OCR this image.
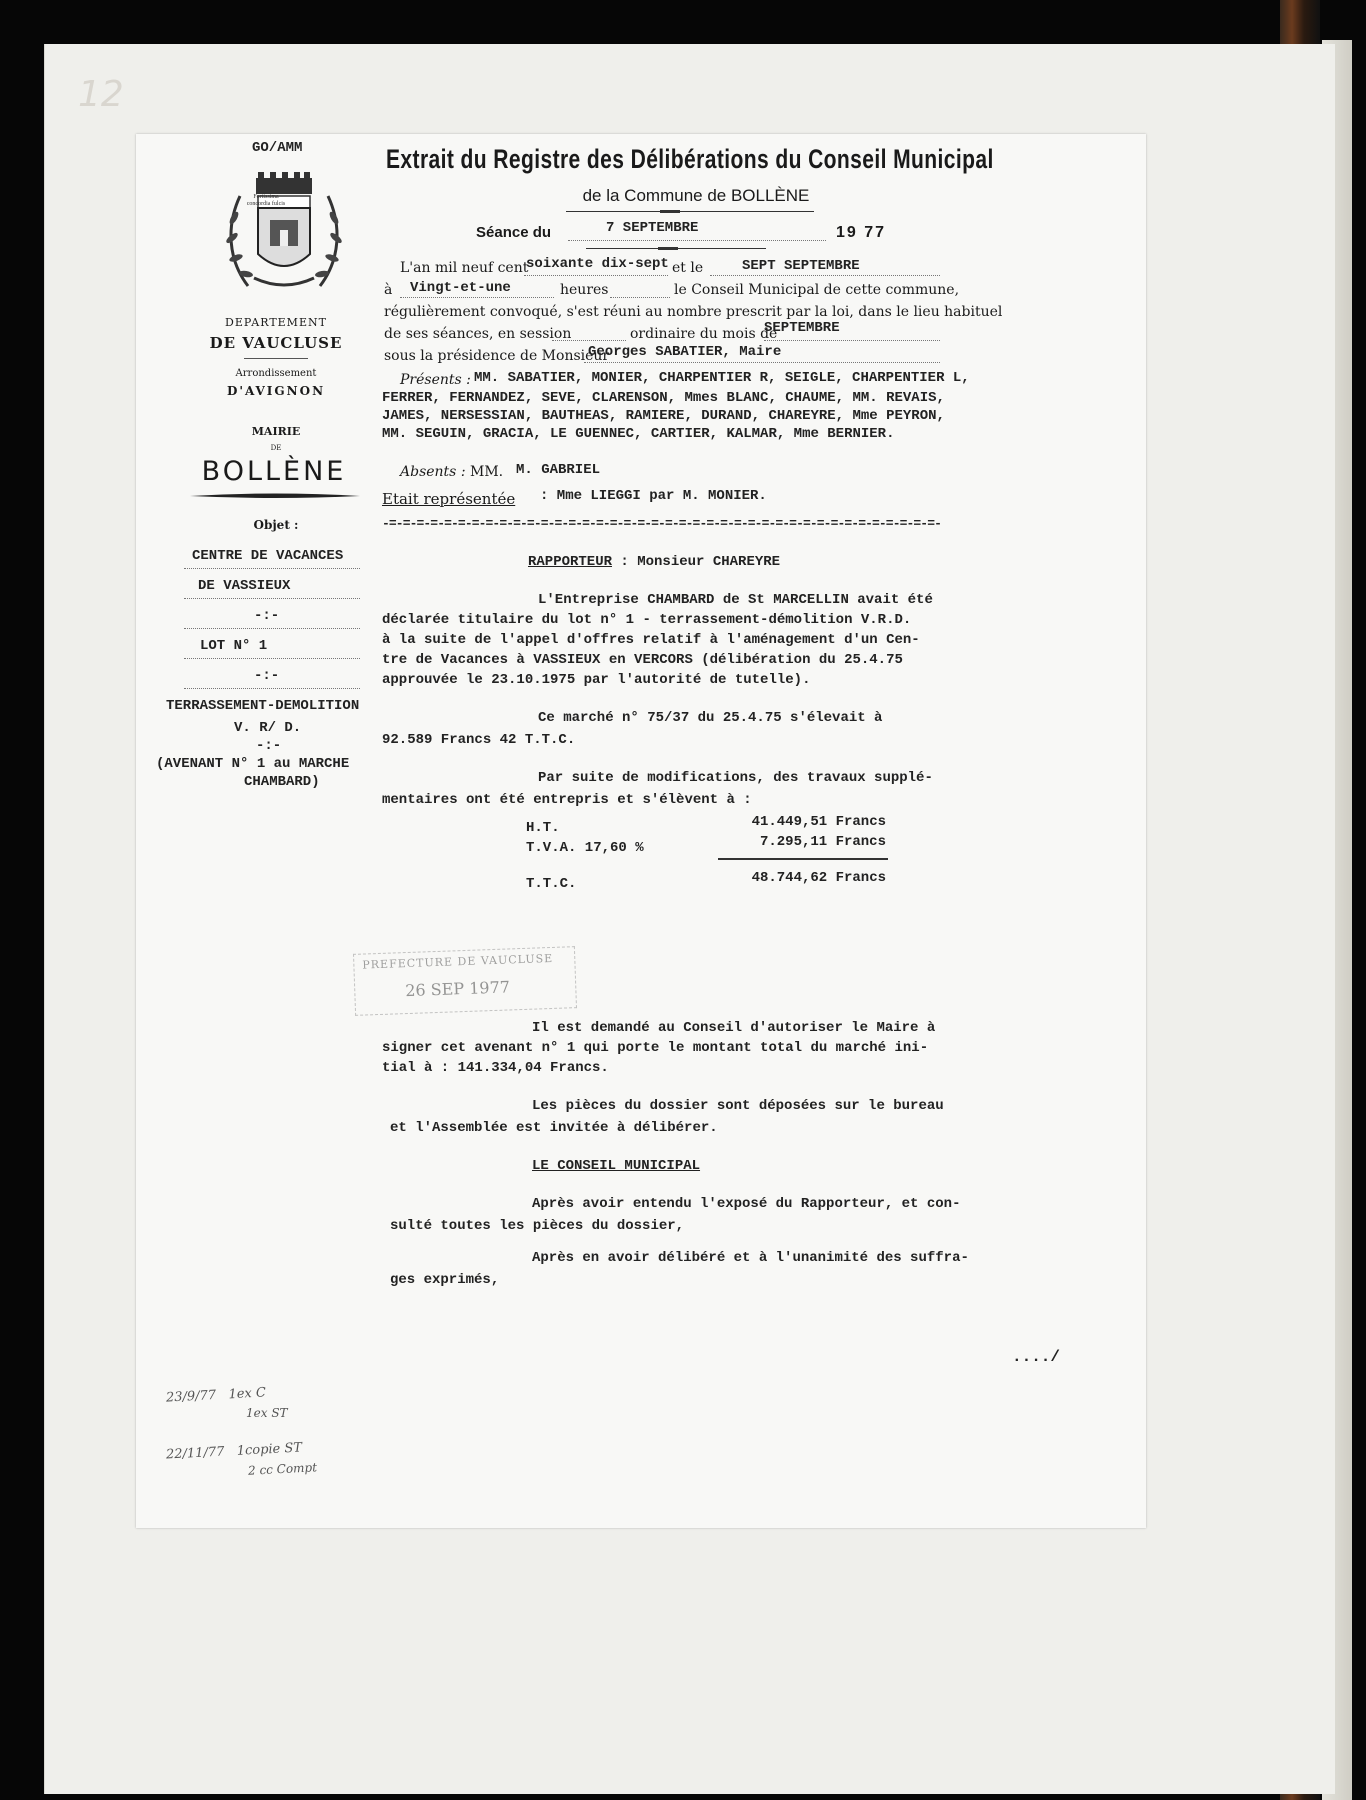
12
GO/AMM
Fortissima
concordia fulcis
DEPARTEMENT
DE VAUCLUSE
Arrondissement
D'AVIGNON
MAIRIE
DE
BOLLÈNE
Objet :
CENTRE DE VACANCES
DE VASSIEUX
-:-
LOT N° 1
-:-
TERRASSEMENT-DEMOLITION
V. R/ D.
-:-
(AVENANT N° 1 au MARCHE
CHAMBARD)
Extrait du Registre des Délibérations du Conseil Municipal
de la Commune de BOLLÈNE
Séance du	7 SEPTEMBRE	19 77
L'an mil neuf cent
soixante dix-sept et le	SEPT SEPTEMBRE
à Vingt-et-une	heures	le Conseil Municipal de cette commune,
régulièrement convoqué, s'est réuni au nombre prescrit par la loi, dans le lieu habituel
de ses séances, en session	ordinaire du mois de
SEPTEMBRE
sous la présidence de Monsieur
Georges SABATIER, Maire
Présents : MM. SABATIER, MONIER, CHARPENTIER R, SEIGLE, CHARPENTIER L,
FERRER, FERNANDEZ, SEVE, CLARENSON, Mmes BLANC, CHAUME, MM. REVAIS,
JAMES, NERSESSIAN, BAUTHEAS, RAMIERE, DURAND, CHAREYRE, Mme PEYRON,
MM. SEGUIN, GRACIA, LE GUENNEC, CARTIER, KALMAR, Mme BERNIER.
Absents : MM. M. GABRIEL
Etait représentée : Mme LIEGGI par M. MONIER.
-=-=-=-=-=-=-=-=-=-=-=-=-=-=-=-=-=-=-=-=-=-=-=-=-=-=-=-=-=-=-=-=-=-=-=-=-=-=-=-=-
RAPPORTEUR : Monsieur CHAREYRE
L'Entreprise CHAMBARD de St MARCELLIN avait été
déclarée titulaire du lot n° 1 - terrassement-démolition V.R.D.
à la suite de l'appel d'offres relatif à l'aménagement d'un Cen-
tre de Vacances à VASSIEUX en VERCORS (délibération du 25.4.75
approuvée le 23.10.1975 par l'autorité de tutelle).
Ce marché n° 75/37 du 25.4.75 s'élevait à
92.589 Francs 42 T.T.C.
Par suite de modifications, des travaux supplé-
mentaires ont été entrepris et s'élèvent à :
H.T.	41.449,51 Francs
T.V.A. 17,60 %	7.295,11 Francs
T.T.C.	48.744,62 Francs
PREFECTURE DE VAUCLUSE
26 SEP 1977
Il est demandé au Conseil d'autoriser le Maire à
signer cet avenant n° 1 qui porte le montant total du marché ini-
tial à : 141.334,04 Francs.
Les pièces du dossier sont déposées sur le bureau
et l'Assemblée est invitée à délibérer.
LE CONSEIL MUNICIPAL
Après avoir entendu l'exposé du Rapporteur, et con-
sulté toutes les pièces du dossier,
Après en avoir délibéré et à l'unanimité des suffra-
ges exprimés,
..../
23/9/77 1ex C
1ex ST
22/11/77 1copie ST
2 cc Compt
